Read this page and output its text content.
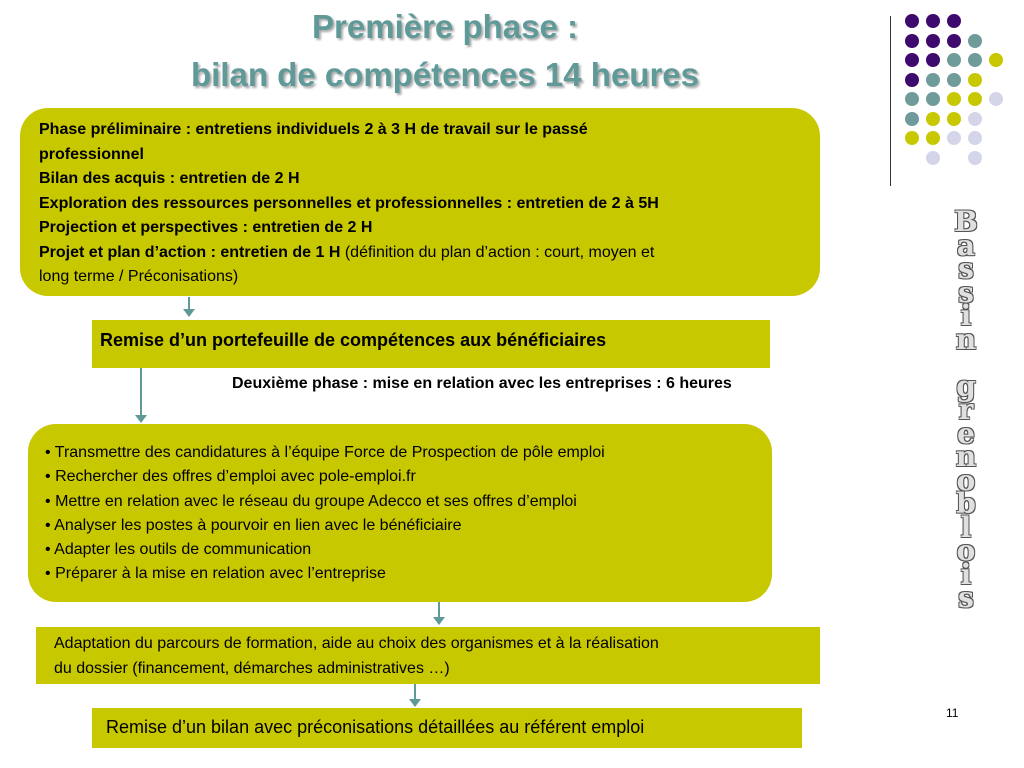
Première phase :
bilan de compétences 14 heures
Phase préliminaire : entretiens individuels 2 à 3 H de travail sur le passé
professionnel
Bilan des acquis : entretien de 2 H
Exploration des ressources personnelles et professionnelles : entretien de 2 à 5H
Projection et perspectives : entretien de 2 H
Projet et plan d’action : entretien de 1 H (définition du plan d’action : court, moyen et
long terme / Préconisations)
Remise d’un portefeuille de compétences aux bénéficiaires
Deuxième phase : mise en relation avec les entreprises : 6 heures
• Transmettre des candidatures à l’équipe Force de Prospection de pôle emploi
• Rechercher des offres d’emploi avec pole-emploi.fr
• Mettre en relation avec le réseau du groupe Adecco et ses offres d’emploi
• Analyser les postes à pourvoir en lien avec le bénéficiaire
• Adapter les outils de communication
• Préparer à la mise en relation avec l’entreprise
Adaptation du parcours de formation, aide au choix des organismes et à la réalisation
du dossier (financement, démarches administratives …)
Remise d’un bilan avec préconisations détaillées au référent emploi
B
a
s
s
i
n

g
r
e
n
o
b
l
o
i
s
11
